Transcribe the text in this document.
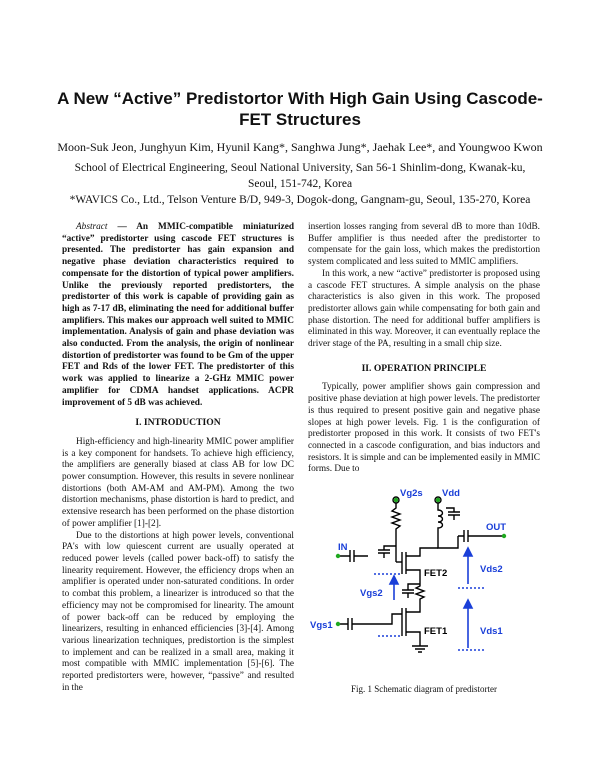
A New “Active” Predistortor With High Gain Using Cascode-
FET Structures
Moon-Suk Jeon, Junghyun Kim, Hyunil Kang*, Sanghwa Jung*, Jaehak Lee*, and Youngwoo Kwon
School of Electrical Engineering, Seoul National University, San 56-1 Shinlim-dong, Kwanak-ku,
Seoul, 151-742, Korea
*WAVICS Co., Ltd., Telson Venture B/D, 949-3, Dogok-dong, Gangnam-gu, Seoul, 135-270, Korea

Abstract — An MMIC-compatible miniaturized “active” predistorter using cascode FET structures is presented. The predistorter has gain expansion and negative phase deviation characteristics required to compensate for the distortion of typical power amplifiers. Unlike the previously reported predistorters, the predistorter of this work is capable of providing gain as high as 7-17 dB, eliminating the need for additional buffer amplifiers. This makes our approach well suited to MMIC implementation. Analysis of gain and phase deviation was also conducted. From the analysis, the origin of nonlinear distortion of predistorter was found to be Gm of the upper FET and Rds of the lower FET. The predistorter of this work was applied to linearize a 2-GHz MMIC power amplifier for CDMA handset applications. ACPR improvement of 5 dB was achieved.

I. INTRODUCTION

High-efficiency and high-linearity MMIC power amplifier is a key component for handsets. To achieve high efficiency, the amplifiers are generally biased at class AB for low DC power consumption. However, this results in severe nonlinear distortions (both AM-AM and AM-PM). Among the two distortion mechanisms, phase distortion is hard to predict, and extensive research has been performed on the phase distortion of power amplifier [1]-[2].

Due to the distortions at high power levels, conventional PA's with low quiescent current are usually operated at reduced power levels (called power back-off) to satisfy the linearity requirement. However, the efficiency drops when an amplifier is operated under non-saturated conditions. In order to combat this problem, a linearizer is introduced so that the efficiency may not be compromised for linearity. The amount of power back-off can be reduced by employing the linearizers, resulting in enhanced efficiencies [3]-[4]. Among various linearization techniques, predistortion is the simplest to implement and can be realized in a small area, making it most compatible with MMIC implementation [5]-[6]. The reported predistorters were, however, “passive” and resulted in the

insertion losses ranging from several dB to more than 10dB. Buffer amplifier is thus needed after the predistorter to compensate for the gain loss, which makes the predistortion system complicated and less suited to MMIC amplifiers.

In this work, a new “active” predistorter is proposed using a cascode FET structures. A simple analysis on the phase characteristics is also given in this work. The proposed predistorter allows gain while compensating for both gain and phase distortion. The need for additional buffer amplifiers is eliminated in this way. Moreover, it can eventually replace the driver stage of the PA, resulting in a small chip size.

II. OPERATION PRINCIPLE

Typically, power amplifier shows gain compression and positive phase deviation at high power levels. The predistorter is thus required to present positive gain and negative phase slopes at high power levels. Fig. 1 is the configuration of predistorter proposed in this work. It consists of two FET's connected in a cascode configuration, and bias inductors and resistors. It is simple and can be implemented easily in MMIC forms. Due to

Vg2s Vdd
IN
OUT
Vgs2
Vds2
Vgs1
Vds1
FET2
FET1
Fig. 1 Schematic diagram of predistorter
